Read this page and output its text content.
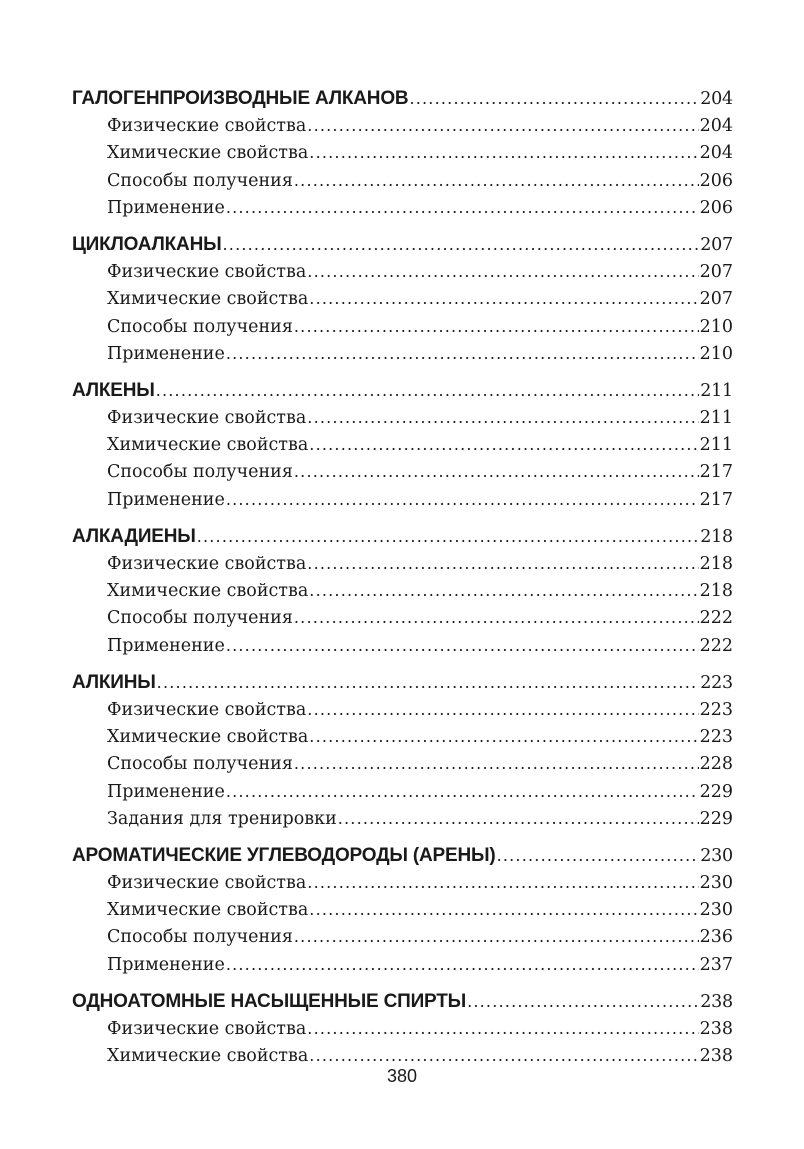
ГАЛОГЕНПРОИЗВОДНЫЕ АЛКАНОВ .....	204
Физические свойства .....	204
Химические свойства .....	204
Способы получения .....	206
Применение .....	206
ЦИКЛОАЛКАНЫ .....	207
Физические свойства .....	207
Химические свойства .....	207
Способы получения .....	210
Применение .....	210
АЛКЕНЫ .....	211
Физические свойства .....	211
Химические свойства .....	211
Способы получения .....	217
Применение .....	217
АЛКАДИЕНЫ .....	218
Физические свойства .....	218
Химические свойства .....	218
Способы получения .....	222
Применение .....	222
АЛКИНЫ .....	223
Физические свойства .....	223
Химические свойства .....	223
Способы получения .....	228
Применение .....	229
Задания для тренировки .....	229
АРОМАТИЧЕСКИЕ УГЛЕВОДОРОДЫ (АРЕНЫ) .....	230
Физические свойства .....	230
Химические свойства .....	230
Способы получения .....	236
Применение .....	237
ОДНОАТОМНЫЕ НАСЫЩЕННЫЕ СПИРТЫ .....	238
Физические свойства .....	238
Химические свойства .....	238
380
